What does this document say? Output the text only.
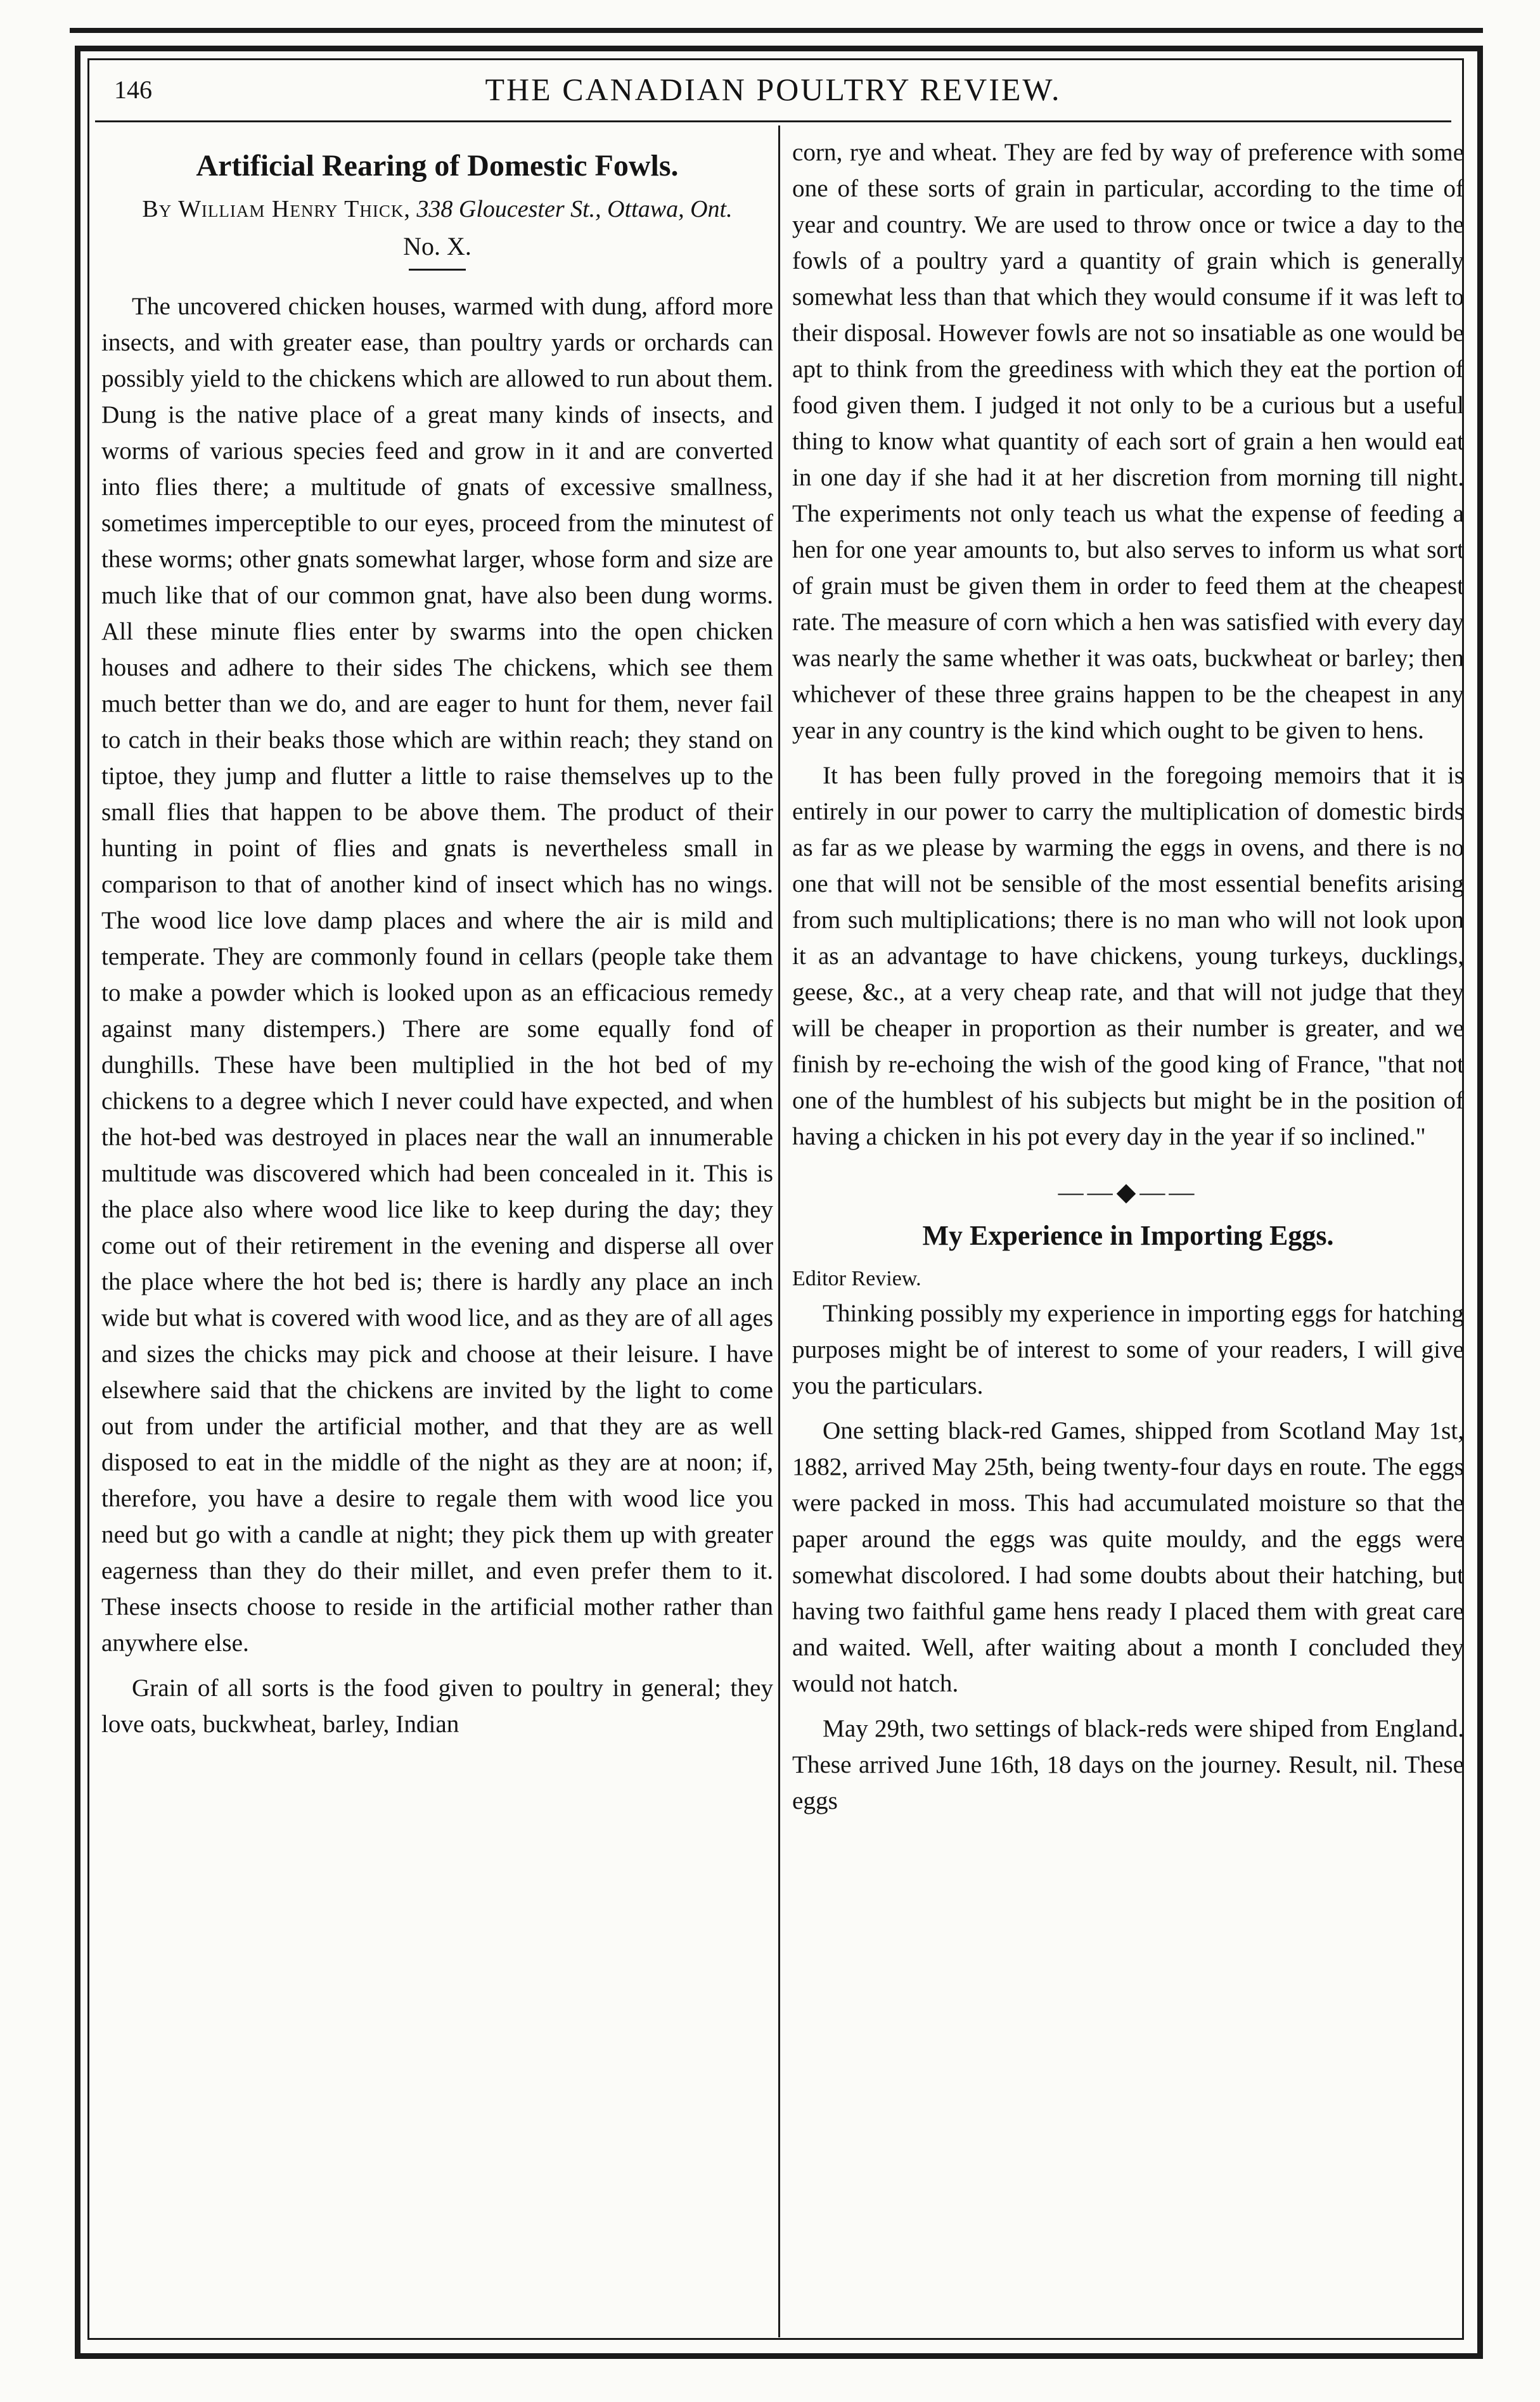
146	THE CANADIAN POULTRY REVIEW.
Artificial Rearing of Domestic Fowls.
By William Henry Thick, 338 Gloucester St., Ottawa, Ont.
No. X.

The uncovered chicken houses, warmed with dung, afford more insects, and with greater ease, than poultry yards or orchards can possibly yield to the chickens which are allowed to run about them. Dung is the native place of a great many kinds of insects, and worms of various species feed and grow in it and are converted into flies there; a multitude of gnats of excessive smallness, sometimes imperceptible to our eyes, proceed from the minutest of these worms; other gnats somewhat larger, whose form and size are much like that of our common gnat, have also been dung worms. All these minute flies enter by swarms into the open chicken houses and adhere to their sides The chickens, which see them much better than we do, and are eager to hunt for them, never fail to catch in their beaks those which are within reach; they stand on tiptoe, they jump and flutter a little to raise themselves up to the small flies that happen to be above them. The product of their hunting in point of flies and gnats is nevertheless small in comparison to that of another kind of insect which has no wings. The wood lice love damp places and where the air is mild and temperate. They are commonly found in cellars (people take them to make a powder which is looked upon as an efficacious remedy against many distempers.) There are some equally fond of dunghills. These have been multiplied in the hot bed of my chickens to a degree which I never could have expected, and when the hot-bed was destroyed in places near the wall an innumerable multitude was discovered which had been concealed in it. This is the place also where wood lice like to keep during the day; they come out of their retirement in the evening and disperse all over the place where the hot bed is; there is hardly any place an inch wide but what is covered with wood lice, and as they are of all ages and sizes the chicks may pick and choose at their leisure. I have elsewhere said that the chickens are invited by the light to come out from under the artificial mother, and that they are as well disposed to eat in the middle of the night as they are at noon; if, therefore, you have a desire to regale them with wood lice you need but go with a candle at night; they pick them up with greater eagerness than they do their millet, and even prefer them to it. These insects choose to reside in the artificial mother rather than anywhere else.

Grain of all sorts is the food given to poultry in general; they love oats, buckwheat, barley, Indian

corn, rye and wheat. They are fed by way of preference with some one of these sorts of grain in particular, according to the time of year and country. We are used to throw once or twice a day to the fowls of a poultry yard a quantity of grain which is generally somewhat less than that which they would consume if it was left to their disposal. However fowls are not so insatiable as one would be apt to think from the greediness with which they eat the portion of food given them. I judged it not only to be a curious but a useful thing to know what quantity of each sort of grain a hen would eat in one day if she had it at her discretion from morning till night. The experiments not only teach us what the expense of feeding a hen for one year amounts to, but also serves to inform us what sort of grain must be given them in order to feed them at the cheapest rate. The measure of corn which a hen was satisfied with every day was nearly the same whether it was oats, buckwheat or barley; then whichever of these three grains happen to be the cheapest in any year in any country is the kind which ought to be given to hens.

It has been fully proved in the foregoing memoirs that it is entirely in our power to carry the multiplication of domestic birds as far as we please by warming the eggs in ovens, and there is no one that will not be sensible of the most essential benefits arising from such multiplications; there is no man who will not look upon it as an advantage to have chickens, young turkeys, ducklings, geese, &c., at a very cheap rate, and that will not judge that they will be cheaper in proportion as their number is greater, and we finish by re-echoing the wish of the good king of France, "that not one of the humblest of his subjects but might be in the position of having a chicken in his pot every day in the year if so inclined."

——◆——
My Experience in Importing Eggs.

Editor Review.

Thinking possibly my experience in importing eggs for hatching purposes might be of interest to some of your readers, I will give you the particulars.

One setting black-red Games, shipped from Scotland May 1st, 1882, arrived May 25th, being twenty-four days en route. The eggs were packed in moss. This had accumulated moisture so that the paper around the eggs was quite mouldy, and the eggs were somewhat discolored. I had some doubts about their hatching, but having two faithful game hens ready I placed them with great care and waited. Well, after waiting about a month I concluded they would not hatch.

May 29th, two settings of black-reds were shiped from England. These arrived June 16th, 18 days on the journey. Result, nil. These eggs
